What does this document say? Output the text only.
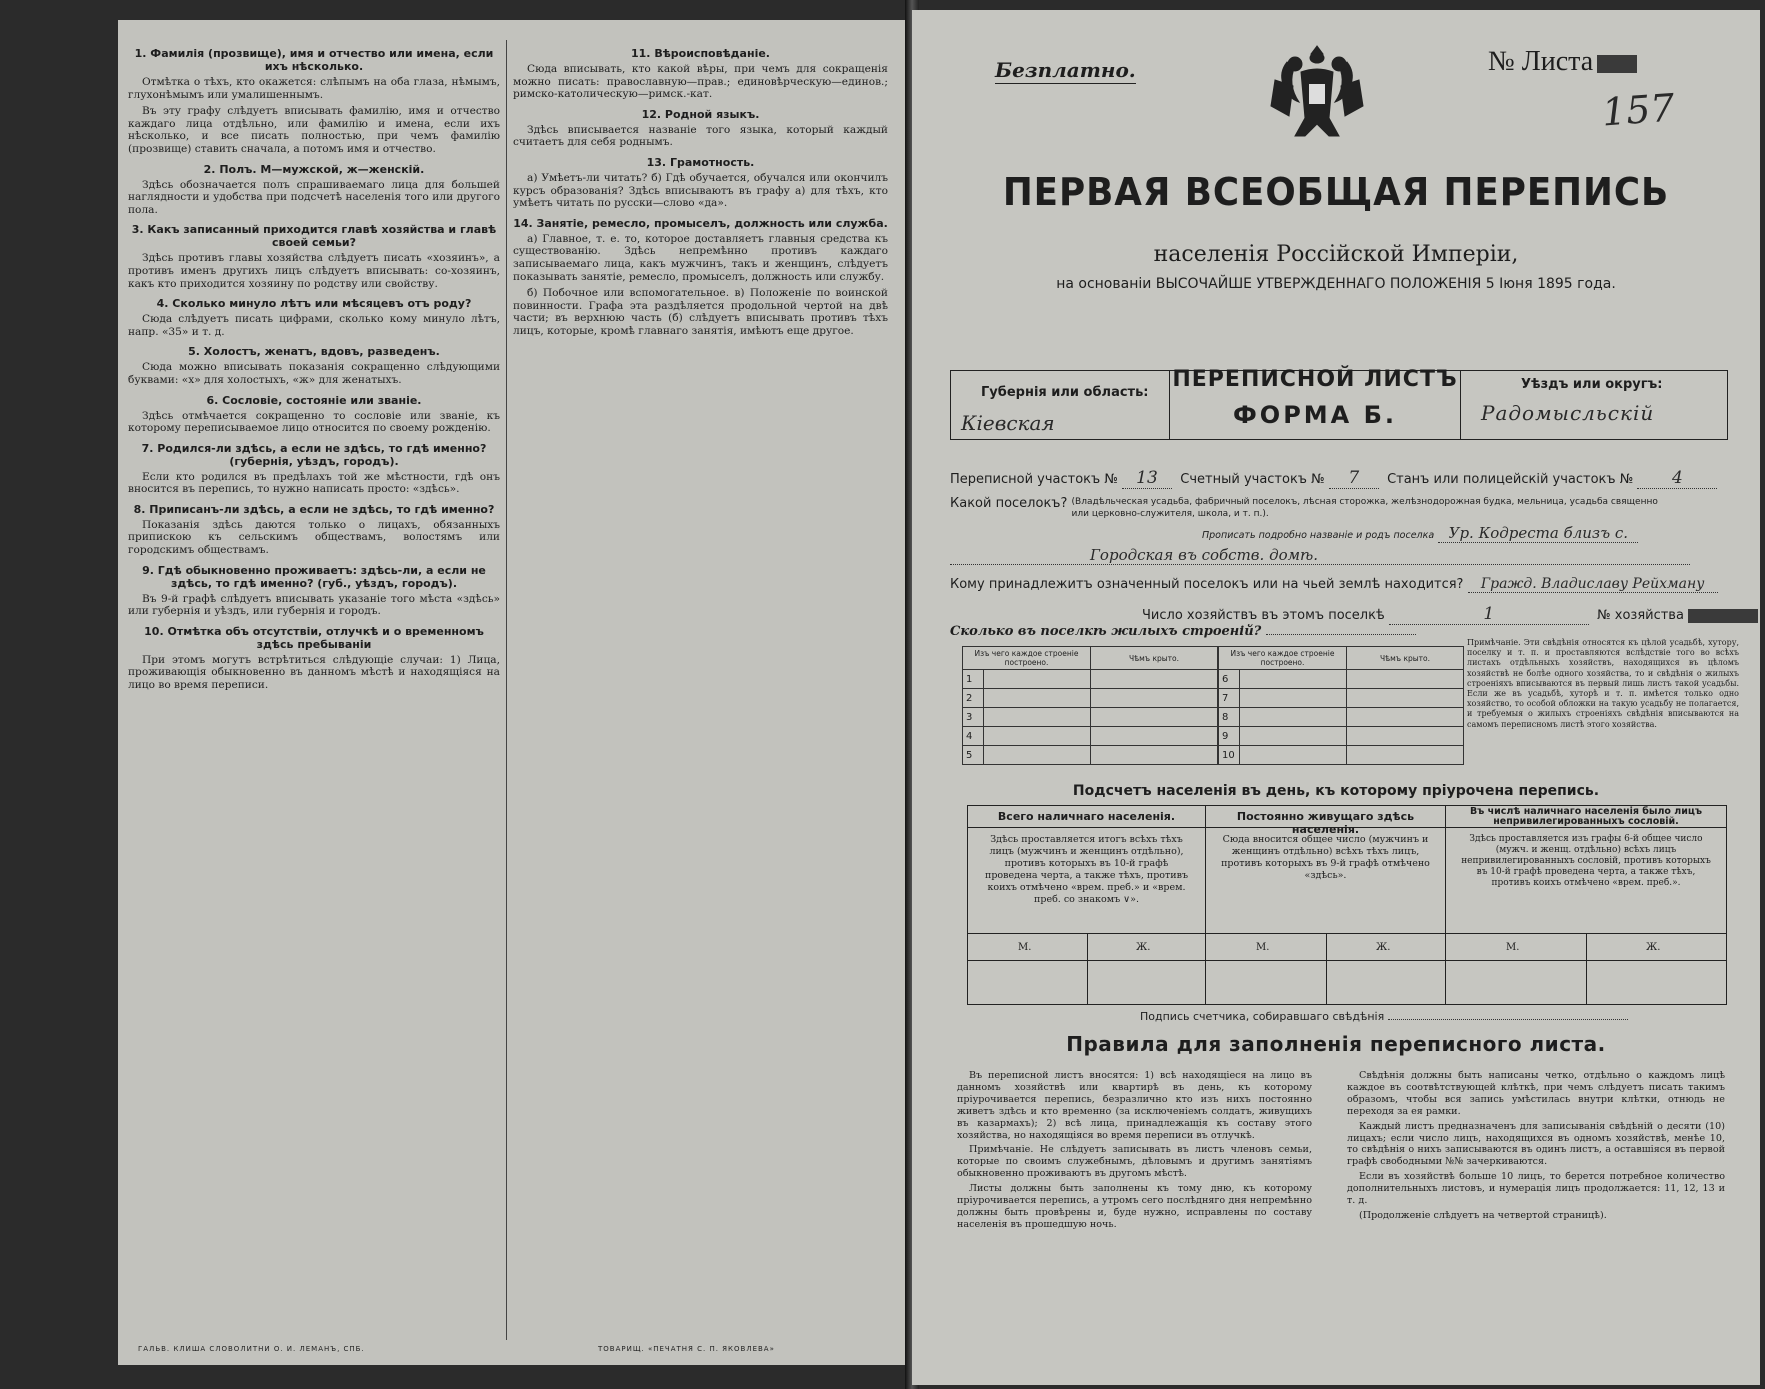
1. Фамилія (прозвище), имя и отчество или имена, если ихъ нѣсколько.

Отмѣтка о тѣхъ, кто окажется: слѣпымъ на оба глаза, нѣмымъ, глухонѣмымъ или умалишеннымъ.

Въ эту графу слѣдуетъ вписывать фамилію, имя и отчество каждаго лица отдѣльно, или фамилію и имена, если ихъ нѣсколько, и все писать полностью, при чемъ фамилію (прозвище) ставить сначала, а потомъ имя и отчество.

2. Полъ. М—мужской, ж—женскій.

Здѣсь обозначается полъ спрашиваемаго лица для большей наглядности и удобства при подсчетѣ населенія того или другого пола.

3. Какъ записанный приходится главѣ хозяйства и главѣ своей семьи?

Здѣсь противъ главы хозяйства слѣдуетъ писать «хозяинъ», а противъ именъ другихъ лицъ слѣдуетъ вписывать: со-хозяинъ, какъ кто приходится хозяину по родству или свойству.

4. Сколько минуло лѣтъ или мѣсяцевъ отъ роду?

Сюда слѣдуетъ писать цифрами, сколько кому минуло лѣтъ, напр. «35» и т. д.

5. Холостъ, женатъ, вдовъ, разведенъ.

Сюда можно вписывать показанія сокращенно слѣдующими буквами: «х» для холостыхъ, «ж» для женатыхъ.

6. Сословіе, состояніе или званіе.

Здѣсь отмѣчается сокращенно то сословіе или званіе, къ которому переписываемое лицо относится по своему рожденію.

7. Родился-ли здѣсь, а если не здѣсь, то гдѣ именно? (губернія, уѣздъ, городъ).

Если кто родился въ предѣлахъ той же мѣстности, гдѣ онъ вносится въ перепись, то нужно написать просто: «здѣсь».

8. Приписанъ-ли здѣсь, а если не здѣсь, то гдѣ именно?

Показанія здѣсь даются только о лицахъ, обязанныхъ припискою къ сельскимъ обществамъ, волостямъ или городскимъ обществамъ.

9. Гдѣ обыкновенно проживаетъ: здѣсь-ли, а если не здѣсь, то гдѣ именно? (губ., уѣздъ, городъ).

Въ 9-й графѣ слѣдуетъ вписывать указаніе того мѣста «здѣсь» или губернія и уѣздъ, или губернія и городъ.

10. Отмѣтка объ отсутствіи, отлучкѣ и о временномъ здѣсь пребываніи

При этомъ могутъ встрѣтиться слѣдующіе случаи: 1) Лица, проживающія обыкновенно въ данномъ мѣстѣ и находящіяся на лицо во время переписи.

11. Вѣроисповѣданіе.

Сюда вписывать, кто какой вѣры, при чемъ для сокращенія можно писать: православную—прав.; единовѣрческую—единов.; римско-католическую—римск.-кат.

12. Родной языкъ.

Здѣсь вписывается названіе того языка, который каждый считаетъ для себя роднымъ.

13. Грамотность.

а) Умѣетъ-ли читать? б) Гдѣ обучается, обучался или окончилъ курсъ образованія? Здѣсь вписываютъ въ графу а) для тѣхъ, кто умѣетъ читать по русски—слово «да».

14. Занятіе, ремесло, промыселъ, должность или служба.

а) Главное, т. е. то, которое доставляетъ главныя средства къ существованію. Здѣсь непремѣнно противъ каждаго записываемаго лица, какъ мужчинъ, такъ и женщинъ, слѣдуетъ показывать занятіе, ремесло, промыселъ, должность или службу.

б) Побочное или вспомогательное. в) Положеніе по воинской повинности. Графа эта раздѣляется продольной чертой на двѣ части; въ верхнюю часть (б) слѣдуетъ вписывать противъ тѣхъ лицъ, которые, кромѣ главнаго занятія, имѣютъ еще другое.

ГАЛЬВ. КЛИША СЛОВОЛИТНИ О. И. ЛЕМАНЪ, СПБ.	ТОВАРИЩ. «ПЕЧАТНЯ С. П. ЯКОВЛЕВА»
Безплатно.	№ Листа
157
ПЕРВАЯ ВСЕОБЩАЯ ПЕРЕПИСЬ
населенія Россійской Имперіи,
на основаніи ВЫСОЧАЙШЕ УТВЕРЖДЕННАГО ПОЛОЖЕНІЯ 5 Іюня 1895 года.
Губернія или область:
Кіевская
ПЕРЕПИСНОЙ ЛИСТЪ
ФОРМА Б.
Уѣздъ или округъ:
Радомысльскій
Переписной участокъ № 13 Счетный участокъ № 7 Станъ или полицейскій участокъ № 4
Какой поселокъ? (Владѣльческая усадьба, фабричный поселокъ, лѣсная сторожка, желѣзнодорожная будка, мельница, усадьба священно или церковно-служителя, школа, и т. п.).
Прописать подробно названіе и родъ поселка Ур. Кодреста близъ с.
Городская въ собств. домѣ.
Кому принадлежитъ означенный поселокъ или на чьей землѣ находится? Гражд. Владиславу Рейхману
Число хозяйствъ въ этомъ поселкѣ	1	№ хозяйства
Сколько въ поселкѣ жилыхъ строеній?
Изъ чего каждое строеніе построено.		Чѣмъ крыто.
1		
2		
3		
4		
5		
Изъ чего каждое строеніе построено.		Чѣмъ крыто.
6		
7		
8		
9		
10		
Примѣчаніе. Эти свѣдѣнія относятся къ цѣлой усадьбѣ, хутору, поселку и т. п. и проставляются вслѣдствіе того во всѣхъ листахъ отдѣльныхъ хозяйствъ, находящихся въ цѣломъ хозяйствѣ не болѣе одного хозяйства, то и свѣдѣнія о жилыхъ строеніяхъ вписываются въ первый лишь листъ такой усадьбы. Если же въ усадьбѣ, хуторѣ и т. п. имѣется только одно хозяйство, то особой обложки на такую усадьбу не полагается, и требуемыя о жилыхъ строеніяхъ свѣдѣнія вписываются на самомъ переписномъ листѣ этого хозяйства.
Подсчетъ населенія въ день, къ которому пріурочена перепись.
Всего наличнаго населенія.
Здѣсь проставляется итогъ всѣхъ тѣхъ лицъ (мужчинъ и женщинъ отдѣльно), противъ которыхъ въ 10-й графѣ проведена черта, а также тѣхъ, противъ коихъ отмѣчено «врем. преб.» и «врем. преб. со знакомъ ∨».
М.	Ж.
Постоянно живущаго здѣсь населенія.
Сюда вносится общее число (мужчинъ и женщинъ отдѣльно) всѣхъ тѣхъ лицъ, противъ которыхъ въ 9-й графѣ отмѣчено «здѣсь».
М.	Ж.
Въ числѣ наличнаго населенія было лицъ непривилегированныхъ сословій.
Здѣсь проставляется изъ графы 6-й общее число (мужч. и женщ. отдѣльно) всѣхъ лицъ непривилегированныхъ сословій, противъ которыхъ въ 10-й графѣ проведена черта, а также тѣхъ, противъ коихъ отмѣчено «врем. преб.».
М.	Ж.
Подпись счетчика, собиравшаго свѣдѣнія
Правила для заполненія переписного листа.

Въ переписной листъ вносятся: 1) всѣ находящіеся на лицо въ данномъ хозяйствѣ или квартирѣ въ день, къ которому пріурочивается перепись, безразлично кто изъ нихъ постоянно живетъ здѣсь и кто временно (за исключеніемъ солдатъ, живущихъ въ казармахъ); 2) всѣ лица, принадлежащія къ составу этого хозяйства, но находящіяся во время переписи въ отлучкѣ.

Примѣчаніе. Не слѣдуетъ записывать въ листъ членовъ семьи, которые по своимъ служебнымъ, дѣловымъ и другимъ занятіямъ обыкновенно проживаютъ въ другомъ мѣстѣ.

Листы должны быть заполнены къ тому дню, къ которому пріурочивается перепись, а утромъ сего послѣдняго дня непремѣнно должны быть провѣрены и, буде нужно, исправлены по составу населенія въ прошедшую ночь.

Свѣдѣнія должны быть написаны четко, отдѣльно о каждомъ лицѣ каждое въ соотвѣтствующей клѣткѣ, при чемъ слѣдуетъ писать такимъ образомъ, чтобы вся запись умѣстилась внутри клѣтки, отнюдь не переходя за ея рамки.

Каждый листъ предназначенъ для записыванія свѣдѣній о десяти (10) лицахъ; если число лицъ, находящихся въ одномъ хозяйствѣ, менѣе 10, то свѣдѣнія о нихъ записываются въ одинъ листъ, а оставшіяся въ первой графѣ свободными №№ зачеркиваются.

Если въ хозяйствѣ больше 10 лицъ, то берется потребное количество дополнительныхъ листовъ, и нумерація лицъ продолжается: 11, 12, 13 и т. д.

(Продолженіе слѣдуетъ на четвертой страницѣ).
